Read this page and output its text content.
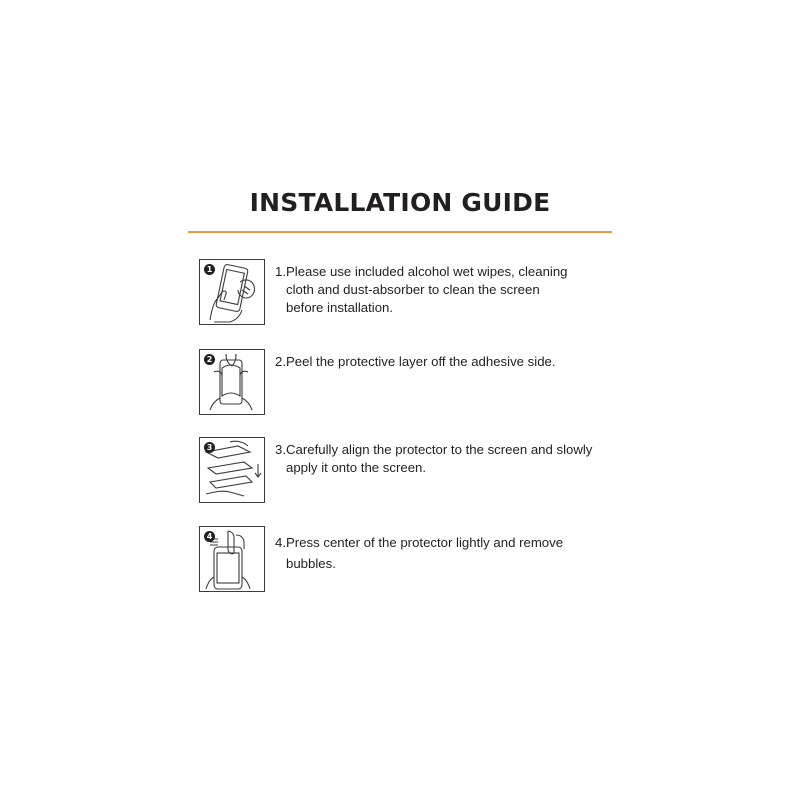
INSTALLATION GUIDE
1	1.Please use included alcohol wet wipes, cleaning
cloth and dust-absorber to clean the screen
before installation.
2	2.Peel the protective layer off the adhesive side.
3	3.Carefully align the protector to the screen and slowly
apply it onto the screen.
4	4.Press center of the protector lightly and remove
bubbles.
